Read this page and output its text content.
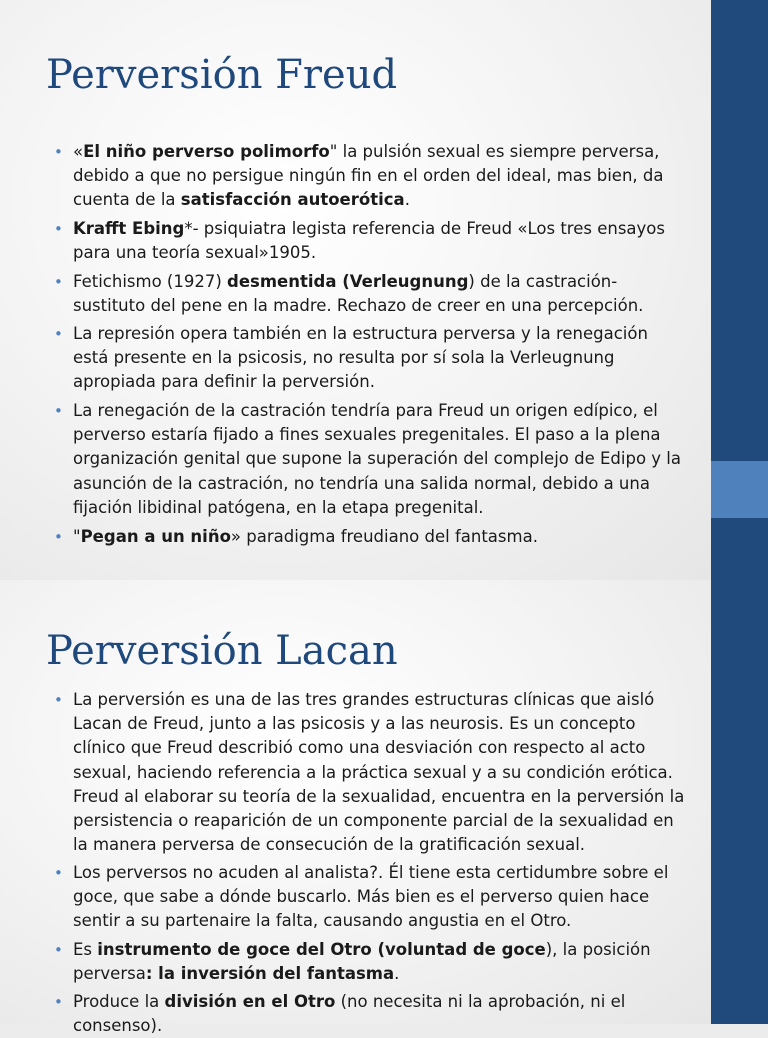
Perversión Freud
• «El niño perverso polimorfo" la pulsión sexual es siempre perversa, debido a que no persigue ningún fin en el orden del ideal, mas bien, da cuenta de la satisfacción autoerótica.
• Krafft Ebing*- psiquiatra legista referencia de Freud «Los tres ensayos para una teoría sexual»1905.
• Fetichismo (1927) desmentida (Verleugnung) de la castración-sustituto del pene en la madre. Rechazo de creer en una percepción.
• La represión opera también en la estructura perversa y la renegación está presente en la psicosis, no resulta por sí sola la Verleugnung apropiada para definir la perversión.
• La renegación de la castración tendría para Freud un origen edípico, el perverso estaría fijado a fines sexuales pregenitales. El paso a la plena organización genital que supone la superación del complejo de Edipo y la asunción de la castración, no tendría una salida normal, debido a una fijación libidinal patógena, en la etapa pregenital.
• "Pegan a un niño» paradigma freudiano del fantasma.
Perversión Lacan
• La perversión es una de las tres grandes estructuras clínicas que aisló Lacan de Freud, junto a las psicosis y a las neurosis. Es un concepto clínico que Freud describió como una desviación con respecto al acto sexual, haciendo referencia a la práctica sexual y a su condición erótica. Freud al elaborar su teoría de la sexualidad, encuentra en la perversión la persistencia o reaparición de un componente parcial de la sexualidad en la manera perversa de consecución de la gratificación sexual.
• Los perversos no acuden al analista?. Él tiene esta certidumbre sobre el goce, que sabe a dónde buscarlo. Más bien es el perverso quien hace sentir a su partenaire la falta, causando angustia en el Otro.
• Es instrumento de goce del Otro (voluntad de goce), la posición perversa: la inversión del fantasma.
• Produce la división en el Otro (no necesita ni la aprobación, ni el consenso).
